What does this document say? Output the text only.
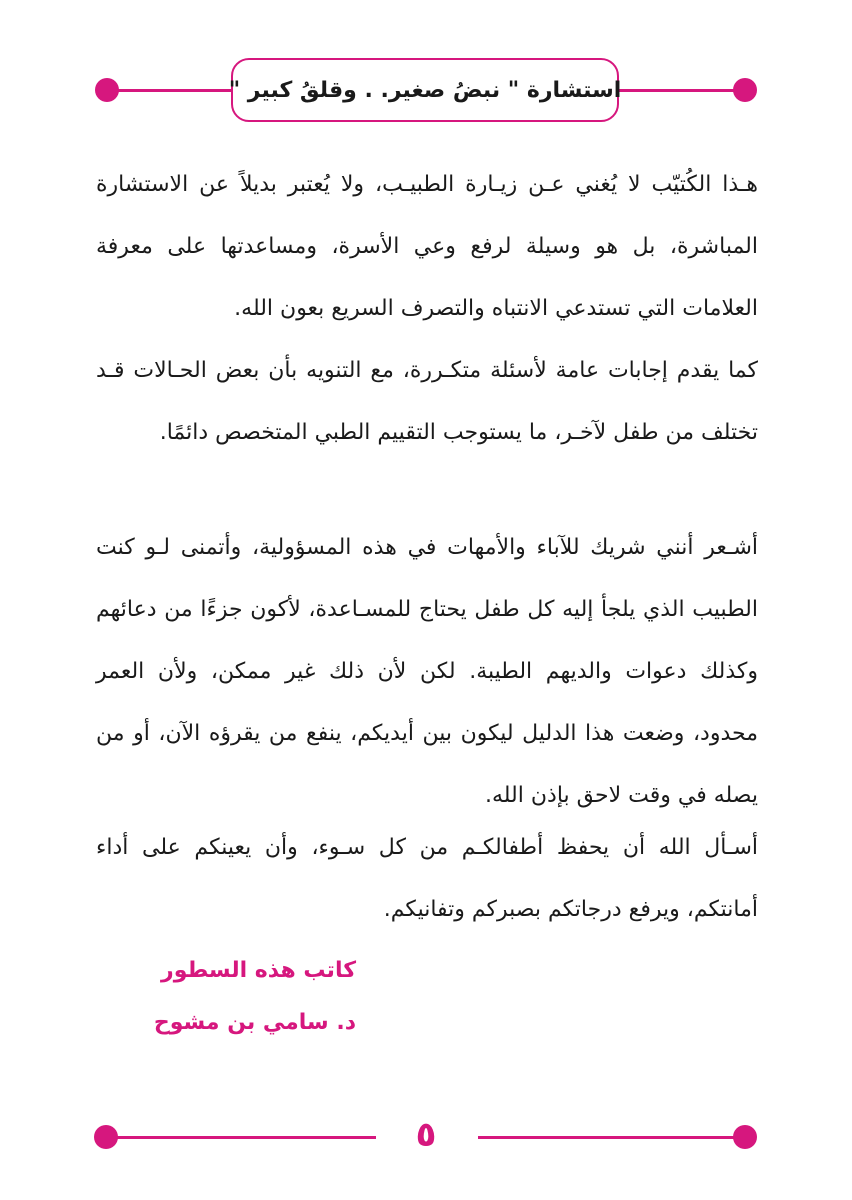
استشارة " نبضُ صغير. . وقلقُ كبير "

هـذا الكُتيّب لا يُغني عـن زيـارة الطبيـب، ولا يُعتبر بديلاً عن الاستشارة المباشرة، بل هو وسيلة لرفع وعي الأسرة، ومساعدتها على معرفة العلامات التي تستدعي الانتباه والتصرف السريع بعون الله.

كما يقدم إجابات عامة لأسئلة متكـررة، مع التنويه بأن بعض الحـالات قـد تختلف من طفل لآخـر، ما يستوجب التقييم الطبي المتخصص دائمًا.

أشـعر أنني شريك للآباء والأمهات في هذه المسؤولية، وأتمنى لـو كنت الطبيب الذي يلجأ إليه كل طفل يحتاج للمسـاعدة، لأكون جزءًا من دعائهم وكذلك دعوات والديهم الطيبة. لكن لأن ذلك غير ممكن، ولأن العمر محدود، وضعت هذا الدليل ليكون بين أيديكم، ينفع من يقرؤه الآن، أو من يصله في وقت لاحق بإذن الله.

أسـأل الله أن يحفظ أطفالكـم من كل سـوء، وأن يعينكم على أداء أمانتكم، ويرفع درجاتكم بصبركم وتفانيكم.

كاتب هذه السطور
د. سامي بن مشوح
٥
